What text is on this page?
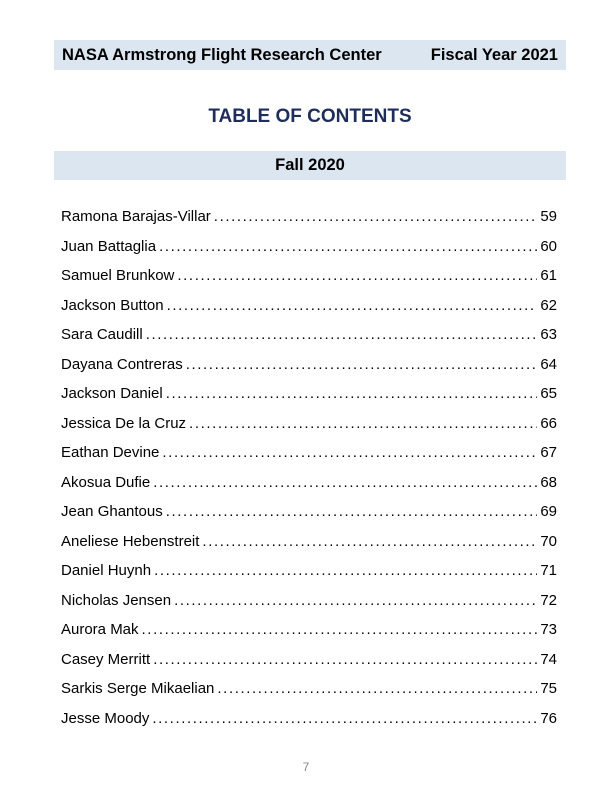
NASA Armstrong Flight Research Center	Fiscal Year 2021
TABLE OF CONTENTS
Fall 2020
Ramona Barajas-Villar .....	59
Juan Battaglia .....	60
Samuel Brunkow .....	61
Jackson Button .....	62
Sara Caudill .....	63
Dayana Contreras .....	64
Jackson Daniel .....	65
Jessica De la Cruz .....	66
Eathan Devine .....	67
Akosua Dufie .....	68
Jean Ghantous .....	69
Aneliese Hebenstreit .....	70
Daniel Huynh .....	71
Nicholas Jensen .....	72
Aurora Mak .....	73
Casey Merritt .....	74
Sarkis Serge Mikaelian .....	75
Jesse Moody .....	76
7
